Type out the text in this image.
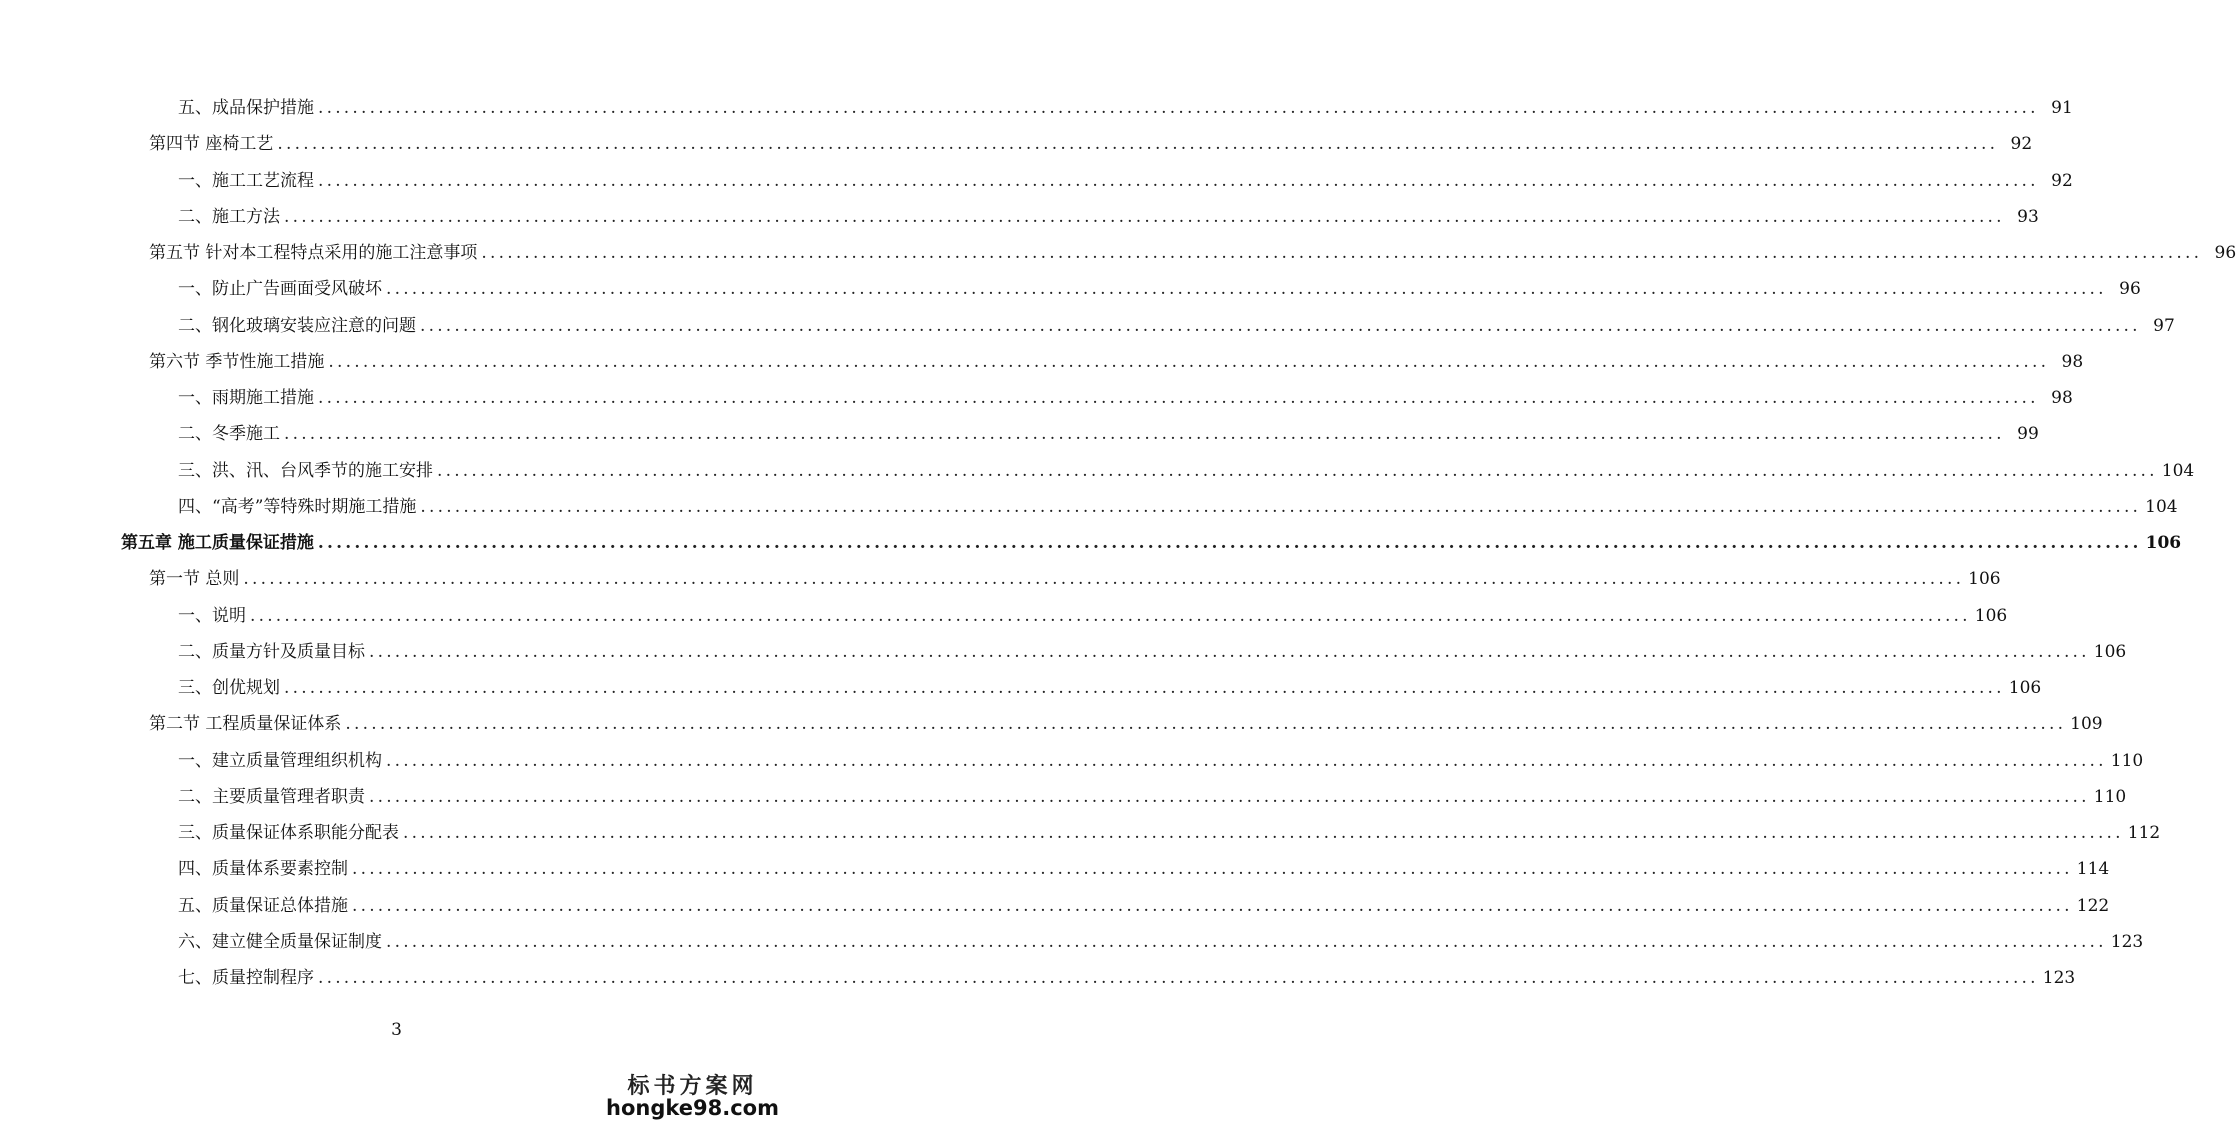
五、成品保护措施 ........................................................................................................................................................................................................ 91
第四节 座椅工艺 ........................................................................................................................................................................................................ 92
一、施工工艺流程 ........................................................................................................................................................................................................ 92
二、施工方法 ........................................................................................................................................................................................................ 93
第五节 针对本工程特点采用的施工注意事项 ........................................................................................................................................................................................................ 96
一、防止广告画面受风破坏 ........................................................................................................................................................................................................ 96
二、钢化玻璃安装应注意的问题 ........................................................................................................................................................................................................ 97
第六节 季节性施工措施 ........................................................................................................................................................................................................ 98
一、雨期施工措施 ........................................................................................................................................................................................................ 98
二、冬季施工 ........................................................................................................................................................................................................ 99
三、洪、汛、台风季节的施工安排 ........................................................................................................................................................................................................ 104
四、“高考”等特殊时期施工措施 ........................................................................................................................................................................................................ 104
第五章 施工质量保证措施 ........................................................................................................................................................................................................ 106
第一节 总则 ........................................................................................................................................................................................................ 106
一、说明 ........................................................................................................................................................................................................ 106
二、质量方针及质量目标 ........................................................................................................................................................................................................ 106
三、创优规划 ........................................................................................................................................................................................................ 106
第二节 工程质量保证体系 ........................................................................................................................................................................................................ 109
一、建立质量管理组织机构 ........................................................................................................................................................................................................ 110
二、主要质量管理者职责 ........................................................................................................................................................................................................ 110
三、质量保证体系职能分配表 ........................................................................................................................................................................................................ 112
四、质量体系要素控制 ........................................................................................................................................................................................................ 114
五、质量保证总体措施 ........................................................................................................................................................................................................ 122
六、建立健全质量保证制度 ........................................................................................................................................................................................................ 123
七、质量控制程序 ........................................................................................................................................................................................................ 123
3
标书方案网
hongke98.com
